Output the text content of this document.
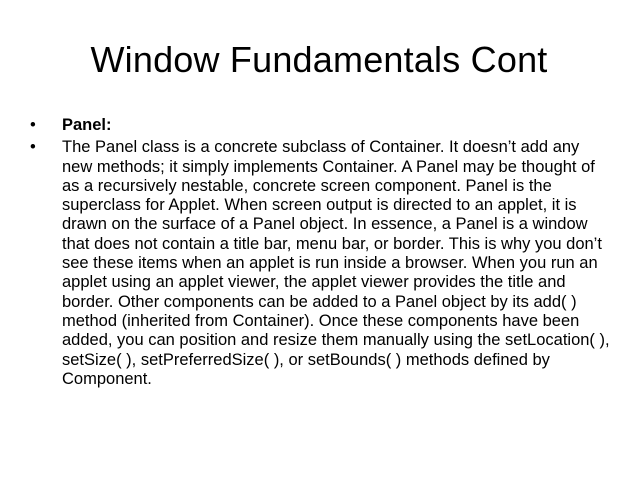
Window Fundamentals Cont
•	Panel:
•	The Panel class is a concrete subclass of Container. It doesn’t add any new methods; it simply implements Container. A Panel may be thought of as a recursively nestable, concrete screen component. Panel is the superclass for Applet. When screen output is directed to an applet, it is drawn on the surface of a Panel object. In essence, a Panel is a window that does not contain a title bar, menu bar, or border. This is why you don’t see these items when an applet is run inside a browser. When you run an applet using an applet viewer, the applet viewer provides the title and border. Other components can be added to a Panel object by its add( ) method (inherited from Container). Once these components have been added, you can position and resize them manually using the setLocation( ), setSize( ), setPreferredSize( ), or setBounds( ) methods defined by Component.
